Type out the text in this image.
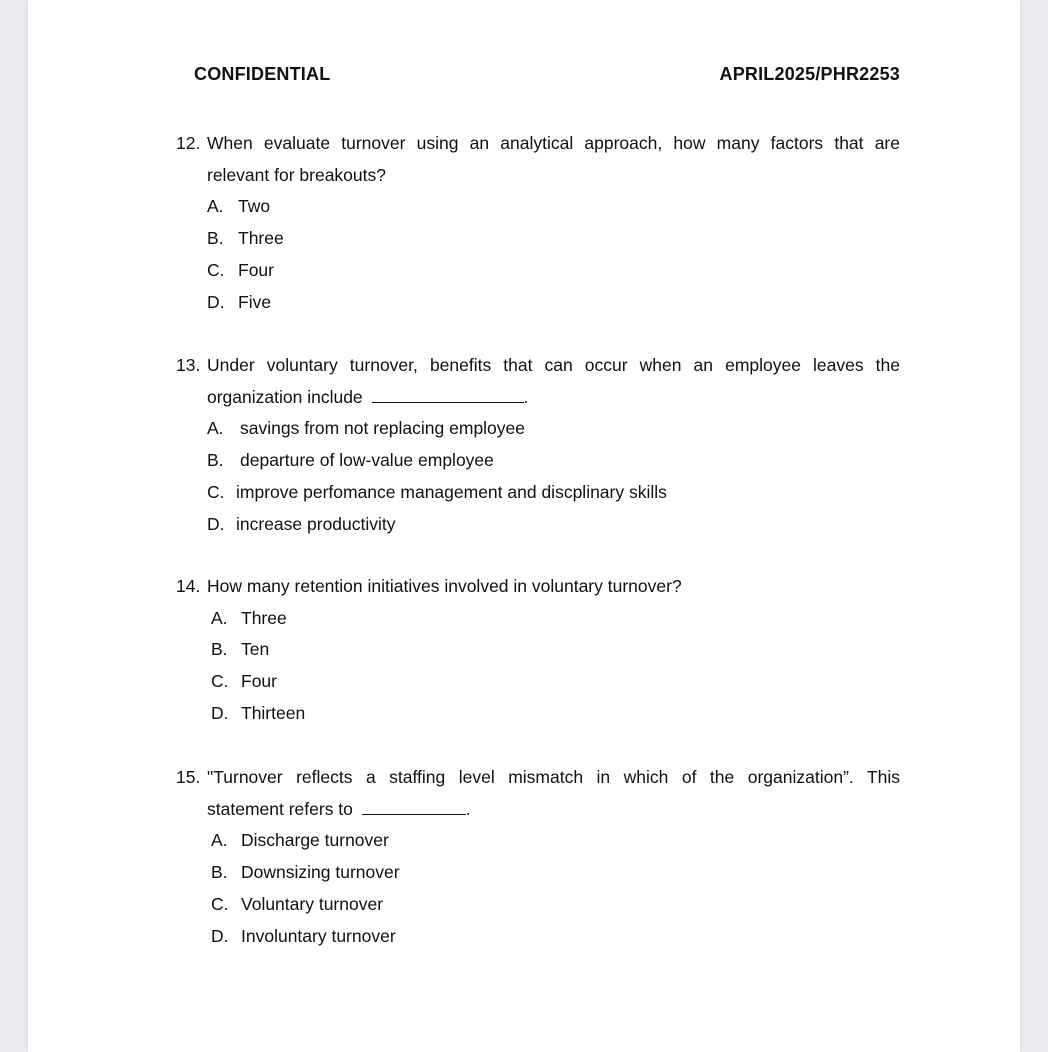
CONFIDENTIAL	APRIL2025/PHR2253
12. When evaluate turnover using an analytical approach, how many factors that are
relevant for breakouts?
A. Two
B. Three
C. Four
D. Five
13. Under voluntary turnover, benefits that can occur when an employee leaves the
organization include	.
A. savings from not replacing employee
B. departure of low-value employee
C. improve perfomance management and discplinary skills
D. increase productivity
14. How many retention initiatives involved in voluntary turnover?
A. Three
B. Ten
C. Four
D. Thirteen
15. "Turnover reflects a staffing level mismatch in which of the organization”. This
statement refers to	.
A. Discharge turnover
B. Downsizing turnover
C. Voluntary turnover
D. Involuntary turnover
